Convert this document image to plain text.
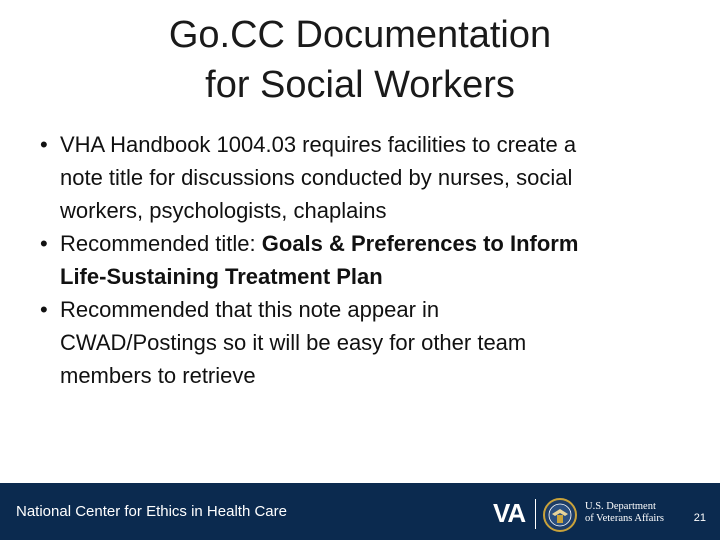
Go.CC Documentation
for Social Workers
• VHA Handbook 1004.03 requires facilities to create a
note title for discussions conducted by nurses, social
workers, psychologists, chaplains
• Recommended title: Goals & Preferences to Inform
Life-Sustaining Treatment Plan
• Recommended that this note appear in
CWAD/Postings so it will be easy for other team
members to retrieve
National Center for Ethics in Health Care	VA	U.S. Department
of Veterans Affairs	21
